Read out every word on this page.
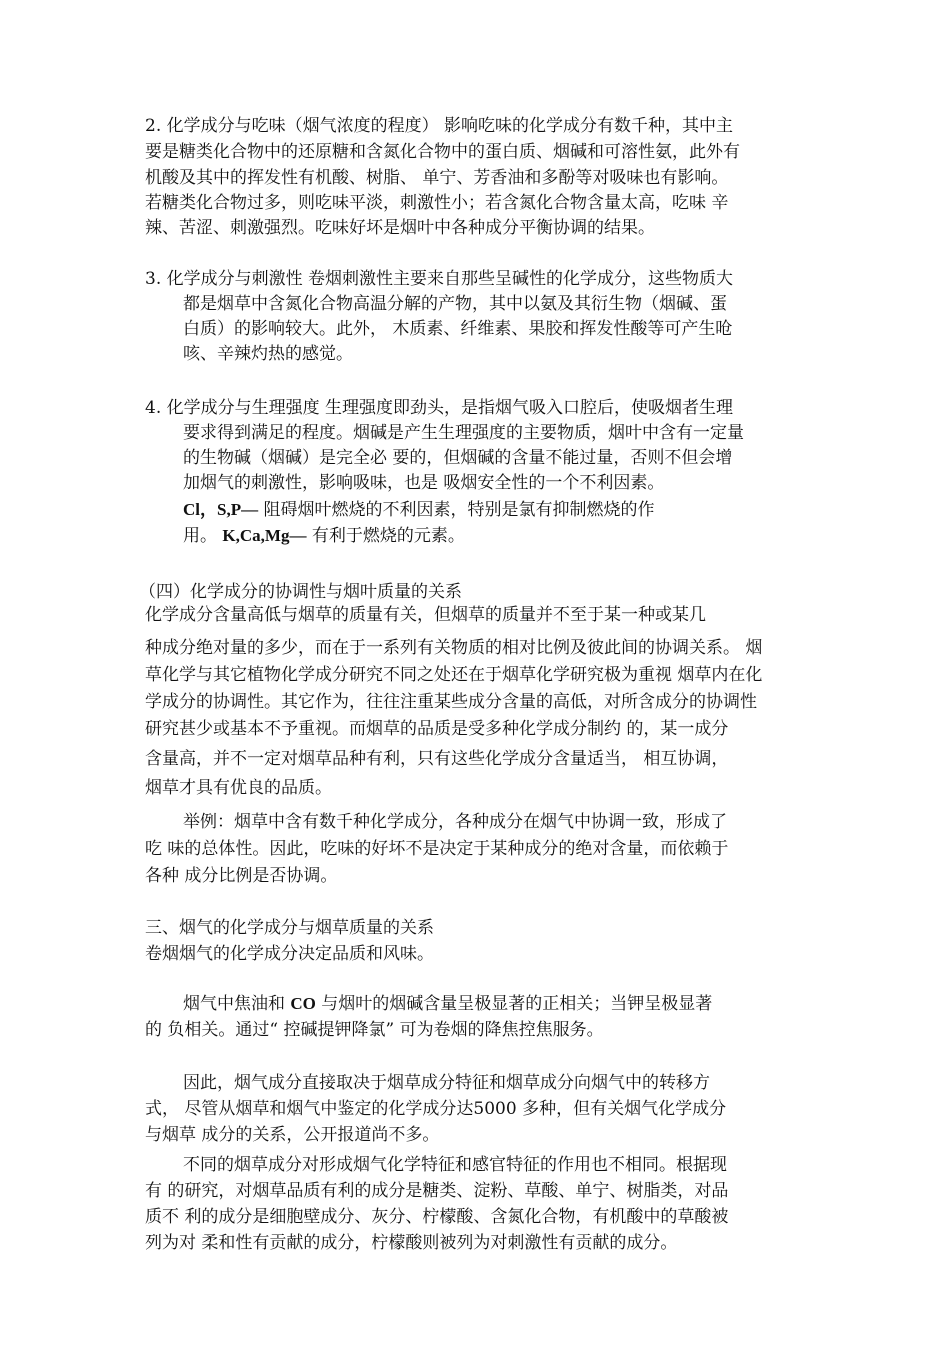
2. 化学成分与吃味（烟气浓度的程度） 影响吃味的化学成分有数千种，其中主
要是糖类化合物中的还原糖和含氮化合物中的蛋白质、烟碱和可溶性氨，此外有
机酸及其中的挥发性有机酸、树脂、 单宁、芳香油和多酚等对吸味也有影响。
若糖类化合物过多，则吃味平淡，刺激性小；若含氮化合物含量太高，吃味 辛
辣、苦涩、刺激强烈。吃味好坏是烟叶中各种成分平衡协调的结果。
3. 化学成分与刺激性 卷烟刺激性主要来自那些呈碱性的化学成分，这些物质大
都是烟草中含氮化合物高温分解的产物，其中以氨及其衍生物（烟碱、蛋
白质）的影响较大。此外， 木质素、纤维素、果胶和挥发性酸等可产生呛
咳、辛辣灼热的感觉。
4. 化学成分与生理强度 生理强度即劲头，是指烟气吸入口腔后，使吸烟者生理
要求得到满足的程度。烟碱是产生生理强度的主要物质，烟叶中含有一定量
的生物碱（烟碱）是完全必 要的，但烟碱的含量不能过量，否则不但会增
加烟气的刺激性，影响吸味，也是 吸烟安全性的一个不利因素。
Cl，S,P— 阻碍烟叶燃烧的不利因素，特别是氯有抑制燃烧的作
用。 K,Ca,Mg— 有利于燃烧的元素。
（四）化学成分的协调性与烟叶质量的关系
化学成分含量高低与烟草的质量有关，但烟草的质量并不至于某一种或某几
种成分绝对量的多少，而在于一系列有关物质的相对比例及彼此间的协调关系。 烟
草化学与其它植物化学成分研究不同之处还在于烟草化学研究极为重视 烟草内在化
学成分的协调性。其它作为，往往注重某些成分含量的高低，对所含成分的协调性
研究甚少或基本不予重视。而烟草的品质是受多种化学成分制约 的，某一成分
含量高，并不一定对烟草品种有利，只有这些化学成分含量适当， 相互协调，
烟草才具有优良的品质。
举例：烟草中含有数千种化学成分，各种成分在烟气中协调一致，形成了
吃 味的总体性。因此，吃味的好坏不是决定于某种成分的绝对含量，而依赖于
各种 成分比例是否协调。
三、烟气的化学成分与烟草质量的关系
卷烟烟气的化学成分决定品质和风味。
烟气中焦油和 CO 与烟叶的烟碱含量呈极显著的正相关；当钾呈极显著
的 负相关。通过“ 控碱提钾降氯” 可为卷烟的降焦控焦服务。
因此，烟气成分直接取决于烟草成分特征和烟草成分向烟气中的转移方
式， 尽管从烟草和烟气中鉴定的化学成分达5000 多种，但有关烟气化学成分
与烟草 成分的关系，公开报道尚不多。
不同的烟草成分对形成烟气化学特征和感官特征的作用也不相同。根据现
有 的研究，对烟草品质有利的成分是糖类、淀粉、草酸、单宁、树脂类，对品
质不 利的成分是细胞壁成分、灰分、柠檬酸、含氮化合物，有机酸中的草酸被
列为对 柔和性有贡献的成分，柠檬酸则被列为对刺激性有贡献的成分。
